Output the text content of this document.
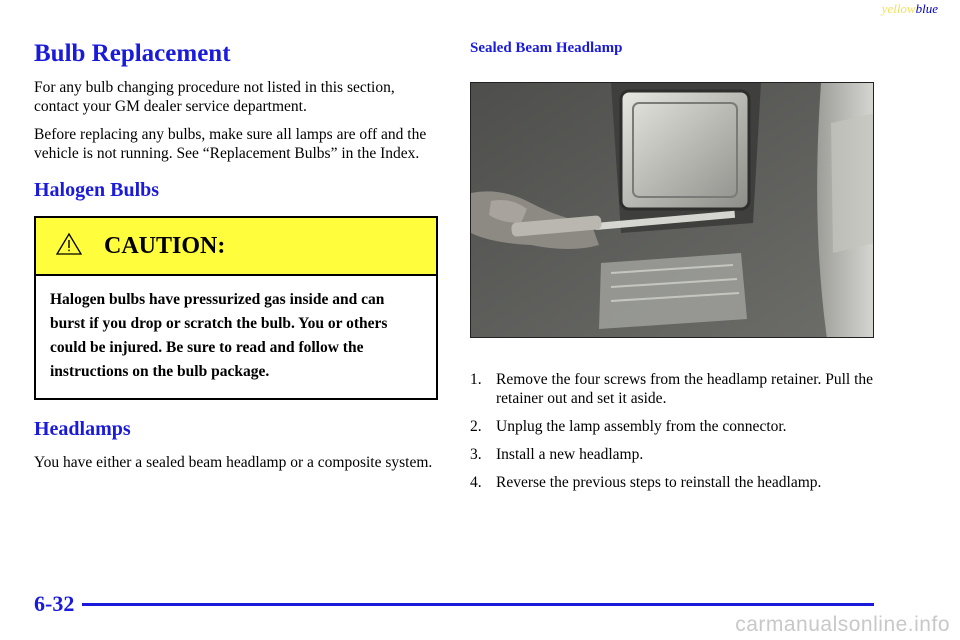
yellowblue
Bulb Replacement

For any bulb changing procedure not listed in this section, contact your GM dealer service department.

Before replacing any bulbs, make sure all lamps are off and the vehicle is not running. See “Replacement Bulbs” in the Index.

Halogen Bulbs
CAUTION:
Halogen bulbs have pressurized gas inside and can burst if you drop or scratch the bulb. You or others could be injured. Be sure to read and follow the instructions on the bulb package.
Headlamps

You have either a sealed beam headlamp or a composite system.

Sealed Beam Headlamp
1. Remove the four screws from the headlamp retainer. Pull the retainer out and set it aside.
2. Unplug the lamp assembly from the connector.
3. Install a new headlamp.
4. Reverse the previous steps to reinstall the headlamp.
6-32
carmanualsonline.info
